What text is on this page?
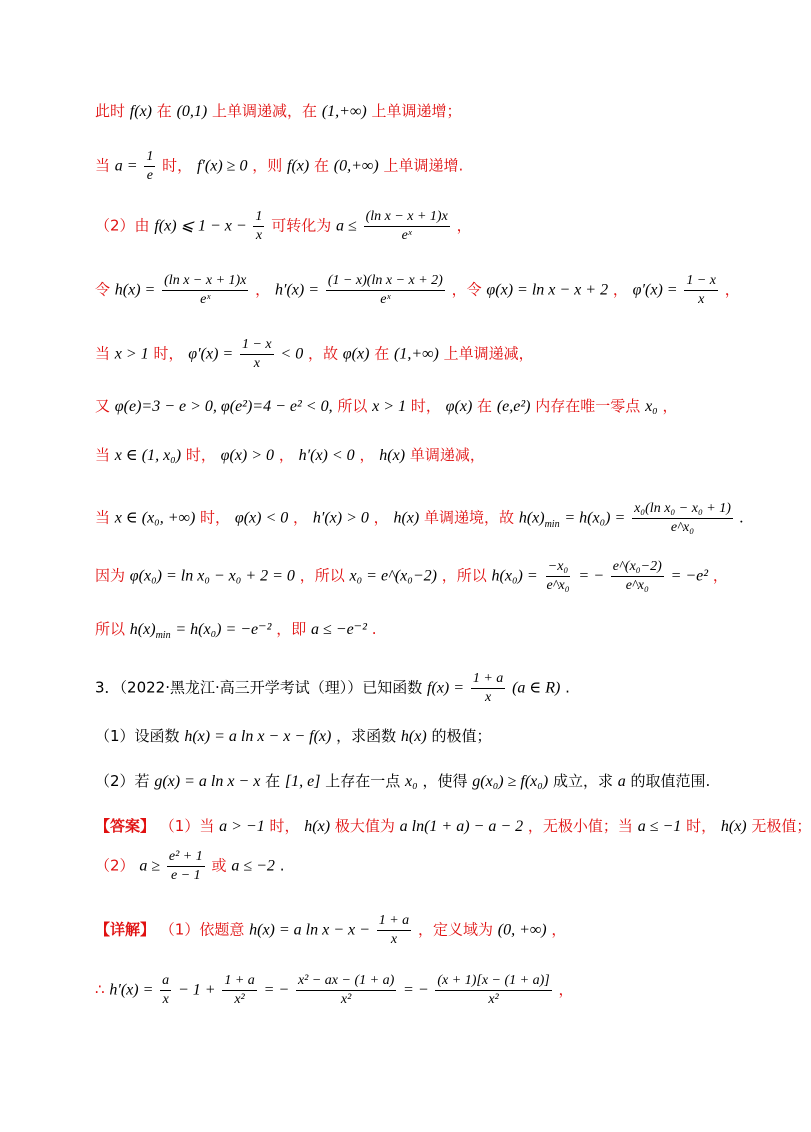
此时 f(x) 在 (0,1) 上单调递减，在 (1,+∞) 上单调递增；
当 $a = \frac{1}{e}$ 时， f′(x) ≥ 0 ，则 f(x) 在 (0,+∞) 上单调递增.
（2）由 f(x) ⩽ $1 - x - \frac{1}{x}$ 可转化为 $a \le \frac{\text{(ln x − x + 1)x}}{\text{eˣ}}$ ，
令 $h(x) = \frac{\text{(ln x − x + 1)x}}{\text{eˣ}}$ ， $h'(x) = \frac{\text{(1 − x)(ln x − x + 2)}}{\text{eˣ}}$ ，令 φ(x) = ln x − x + 2 ， $\varphi'(x) = \frac{1 - x}{x}$ ，
当 x > 1 时， $\varphi'(x) = \frac{1 - x}{x} < 0$ ，故 φ(x) 在 (1,+∞) 上单调递减，
又 φ(e)=3 − e > 0, φ(e²)=4 − e² < 0, 所以 x > 1 时， φ(x) 在 (e,e²) 内存在唯一零点 x₀ ，
当 x ∈ (1, x₀) 时， φ(x) > 0 ， h′(x) < 0 ， h(x) 单调递减，
当 x ∈ (x₀, +∞) 时， φ(x) < 0 ， h′(x) > 0 ， h(x) 单调递境，故 $h(x)_{min} = h(x_0) = \frac{\text{x₀(ln x₀ − x₀ + 1)}}{\text{e\textasciicircum{}x₀}}$ .
因为 φ(x₀) = ln x₀ − x₀ + 2 = 0 ，所以 x₀ = e^(x₀−2) ，所以 $h(x_0) = \frac{\text{−x₀}}{\text{e\textasciicircum{}x₀}}$ = − $\frac{\text{e\textasciicircum{}(x₀−2)}}{\text{e\textasciicircum{}x₀}} = -e^2$ ，
所以 $h(x)_{min} = h(x_0) = -e^{-2}$ ，即 a ≤ −e⁻² .
3．（2022·黑龙江·高三开学考试（理））已知函数 $f(x) = \frac{1 + a}{x} (a$ ∈ R) .
（1）设函数 h(x) = a ln x − x − f(x) ，求函数 h(x) 的极值；
（2）若 g(x) = a ln x − x 在 [1, e] 上存在一点 x₀ ，使得 g(x₀) ≥ f(x₀) 成立，求 a 的取值范围.
【答案】 （1）当 a > −1 时， h(x) 极大值为 a ln(1 + a) − a − 2 ，无极小值；当 a ≤ −1 时， h(x) 无极值；
（2） $a \ge \frac{\text{e² + 1}}{e - 1}$ 或 a ≤ −2 .
【详解】 （1）依题意 h(x) = a $\ln x - x - \frac{1 + a}{x}$ ，定义域为 (0, +∞) ，
∴ $h'(x) = \frac{a}{x} - 1 + \frac{1 + a}{\text{x²}}$ = − $\frac{\text{x² − ax − (1 + a)}}{\text{x²}}$ = − $\frac{(x + 1)[x - (1 + a)]}{\text{x²}}$ ，
